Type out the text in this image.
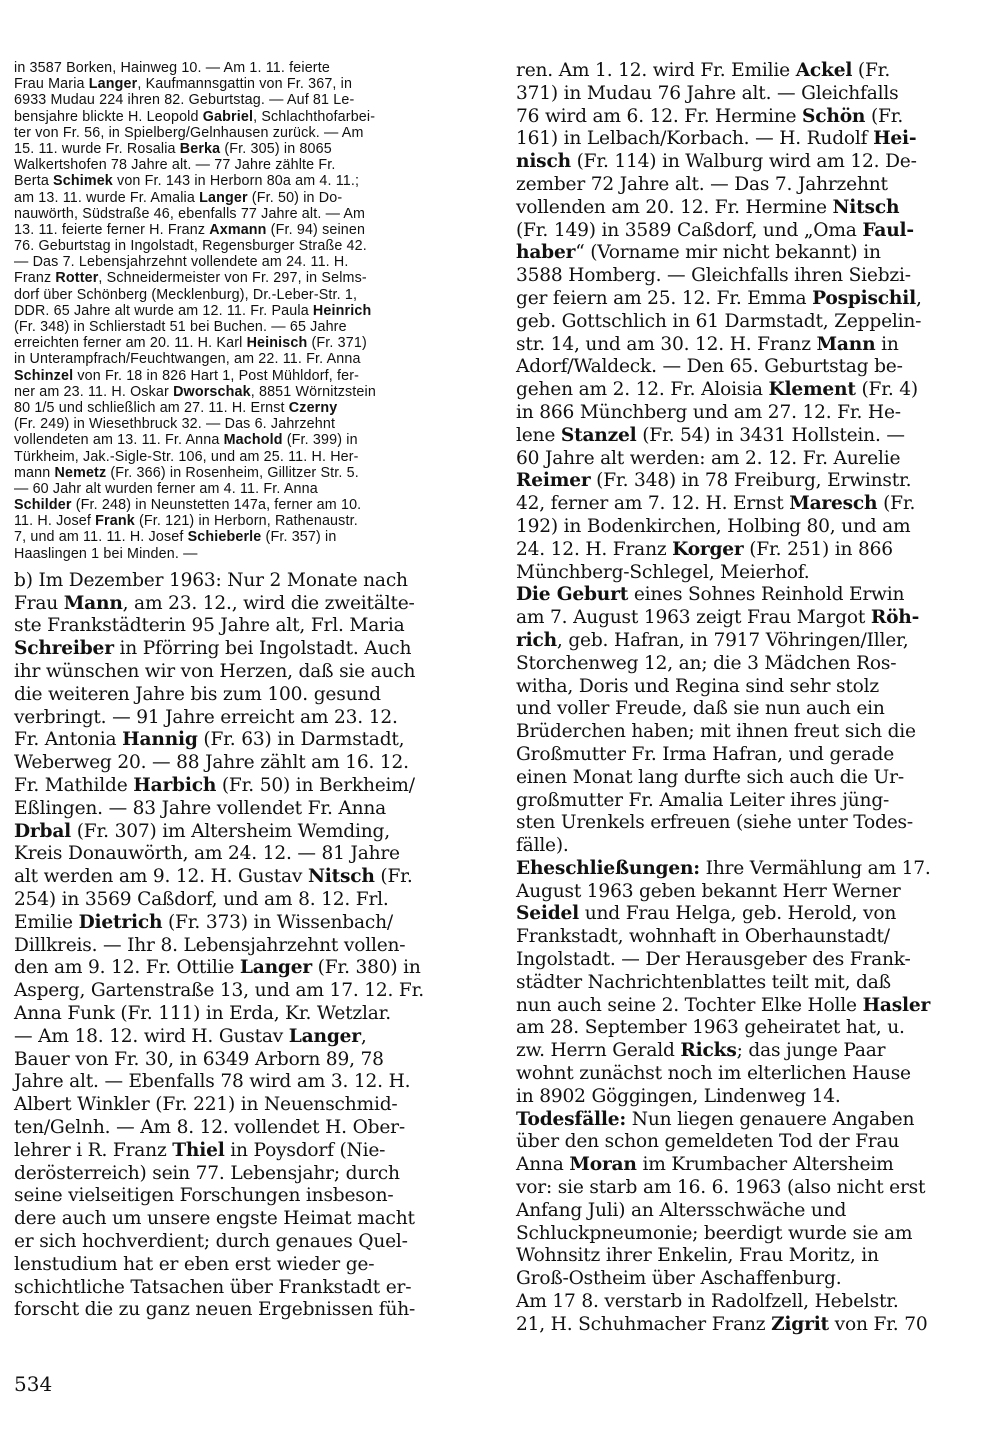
in 3587 Borken, Hainweg 10. — Am 1. 11. feierte
Frau Maria Langer, Kaufmannsgattin von Fr. 367, in
6933 Mudau 224 ihren 82. Geburtstag. — Auf 81 Le-
bensjahre blickte H. Leopold Gabriel, Schlachthofarbei-
ter von Fr. 56, in Spielberg/Gelnhausen zurück. — Am
15. 11. wurde Fr. Rosalia Berka (Fr. 305) in 8065
Walkertshofen 78 Jahre alt. — 77 Jahre zählte Fr.
Berta Schimek von Fr. 143 in Herborn 80a am 4. 11.;
am 13. 11. wurde Fr. Amalia Langer (Fr. 50) in Do-
nauwörth, Südstraße 46, ebenfalls 77 Jahre alt. — Am
13. 11. feierte ferner H. Franz Axmann (Fr. 94) seinen
76. Geburtstag in Ingolstadt, Regensburger Straße 42.
— Das 7. Lebensjahrzehnt vollendete am 24. 11. H.
Franz Rotter, Schneidermeister von Fr. 297, in Selms-
dorf über Schönberg (Mecklenburg), Dr.-Leber-Str. 1,
DDR. 65 Jahre alt wurde am 12. 11. Fr. Paula Heinrich
(Fr. 348) in Schlierstadt 51 bei Buchen. — 65 Jahre
erreichten ferner am 20. 11. H. Karl Heinisch (Fr. 371)
in Unterampfrach/Feuchtwangen, am 22. 11. Fr. Anna
Schinzel von Fr. 18 in 826 Hart 1, Post Mühldorf, fer-
ner am 23. 11. H. Oskar Dworschak, 8851 Wörnitzstein
80 1/5 und schließlich am 27. 11. H. Ernst Czerny
(Fr. 249) in Wiesethbruck 32. — Das 6. Jahrzehnt
vollendeten am 13. 11. Fr. Anna Machold (Fr. 399) in
Türkheim, Jak.-Sigle-Str. 106, und am 25. 11. H. Her-
mann Nemetz (Fr. 366) in Rosenheim, Gillitzer Str. 5.
— 60 Jahr alt wurden ferner am 4. 11. Fr. Anna
Schilder (Fr. 248) in Neunstetten 147a, ferner am 10.
11. H. Josef Frank (Fr. 121) in Herborn, Rathenaustr.
7, und am 11. 11. H. Josef Schieberle (Fr. 357) in
Haaslingen 1 bei Minden. —
b) Im Dezember 1963: Nur 2 Monate nach
Frau Mann, am 23. 12., wird die zweitälte-
ste Frankstädterin 95 Jahre alt, Frl. Maria
Schreiber in Pförring bei Ingolstadt. Auch
ihr wünschen wir von Herzen, daß sie auch
die weiteren Jahre bis zum 100. gesund
verbringt. — 91 Jahre erreicht am 23. 12.
Fr. Antonia Hannig (Fr. 63) in Darmstadt,
Weberweg 20. — 88 Jahre zählt am 16. 12.
Fr. Mathilde Harbich (Fr. 50) in Berkheim/
Eßlingen. — 83 Jahre vollendet Fr. Anna
Drbal (Fr. 307) im Altersheim Wemding,
Kreis Donauwörth, am 24. 12. — 81 Jahre
alt werden am 9. 12. H. Gustav Nitsch (Fr.
254) in 3569 Caßdorf, und am 8. 12. Frl.
Emilie Dietrich (Fr. 373) in Wissenbach/
Dillkreis. — Ihr 8. Lebensjahrzehnt vollen-
den am 9. 12. Fr. Ottilie Langer (Fr. 380) in
Asperg, Gartenstraße 13, und am 17. 12. Fr.
Anna Funk (Fr. 111) in Erda, Kr. Wetzlar.
— Am 18. 12. wird H. Gustav Langer,
Bauer von Fr. 30, in 6349 Arborn 89, 78
Jahre alt. — Ebenfalls 78 wird am 3. 12. H.
Albert Winkler (Fr. 221) in Neuenschmid-
ten/Gelnh. — Am 8. 12. vollendet H. Ober-
lehrer i R. Franz Thiel in Poysdorf (Nie-
derösterreich) sein 77. Lebensjahr; durch
seine vielseitigen Forschungen insbeson-
dere auch um unsere engste Heimat macht
er sich hochverdient; durch genaues Quel-
lenstudium hat er eben erst wieder ge-
schichtliche Tatsachen über Frankstadt er-
forscht die zu ganz neuen Ergebnissen füh-
ren. Am 1. 12. wird Fr. Emilie Ackel (Fr.
371) in Mudau 76 Jahre alt. — Gleichfalls
76 wird am 6. 12. Fr. Hermine Schön (Fr.
161) in Lelbach/Korbach. — H. Rudolf Hei-
nisch (Fr. 114) in Walburg wird am 12. De-
zember 72 Jahre alt. — Das 7. Jahrzehnt
vollenden am 20. 12. Fr. Hermine Nitsch
(Fr. 149) in 3589 Caßdorf, und „Oma Faul-
haber“ (Vorname mir nicht bekannt) in
3588 Homberg. — Gleichfalls ihren Siebzi-
ger feiern am 25. 12. Fr. Emma Pospischil,
geb. Gottschlich in 61 Darmstadt, Zeppelin-
str. 14, und am 30. 12. H. Franz Mann in
Adorf/Waldeck. — Den 65. Geburtstag be-
gehen am 2. 12. Fr. Aloisia Klement (Fr. 4)
in 866 Münchberg und am 27. 12. Fr. He-
lene Stanzel (Fr. 54) in 3431 Hollstein. —
60 Jahre alt werden: am 2. 12. Fr. Aurelie
Reimer (Fr. 348) in 78 Freiburg, Erwinstr.
42, ferner am 7. 12. H. Ernst Maresch (Fr.
192) in Bodenkirchen, Holbing 80, und am
24. 12. H. Franz Korger (Fr. 251) in 866
Münchberg-Schlegel, Meierhof.
Die Geburt eines Sohnes Reinhold Erwin
am 7. August 1963 zeigt Frau Margot Röh-
rich, geb. Hafran, in 7917 Vöhringen/Iller,
Storchenweg 12, an; die 3 Mädchen Ros-
witha, Doris und Regina sind sehr stolz
und voller Freude, daß sie nun auch ein
Brüderchen haben; mit ihnen freut sich die
Großmutter Fr. Irma Hafran, und gerade
einen Monat lang durfte sich auch die Ur-
großmutter Fr. Amalia Leiter ihres jüng-
sten Urenkels erfreuen (siehe unter Todes-
fälle).
Eheschließungen: Ihre Vermählung am 17.
August 1963 geben bekannt Herr Werner
Seidel und Frau Helga, geb. Herold, von
Frankstadt, wohnhaft in Oberhaunstadt/
Ingolstadt. — Der Herausgeber des Frank-
städter Nachrichtenblattes teilt mit, daß
nun auch seine 2. Tochter Elke Holle Hasler
am 28. September 1963 geheiratet hat, u.
zw. Herrn Gerald Ricks; das junge Paar
wohnt zunächst noch im elterlichen Hause
in 8902 Göggingen, Lindenweg 14.
Todesfälle: Nun liegen genauere Angaben
über den schon gemeldeten Tod der Frau
Anna Moran im Krumbacher Altersheim
vor: sie starb am 16. 6. 1963 (also nicht erst
Anfang Juli) an Altersschwäche und
Schluckpneumonie; beerdigt wurde sie am
Wohnsitz ihrer Enkelin, Frau Moritz, in
Groß-Ostheim über Aschaffenburg.
Am 17 8. verstarb in Radolfzell, Hebelstr.
21, H. Schuhmacher Franz Zigrit von Fr. 70
534
